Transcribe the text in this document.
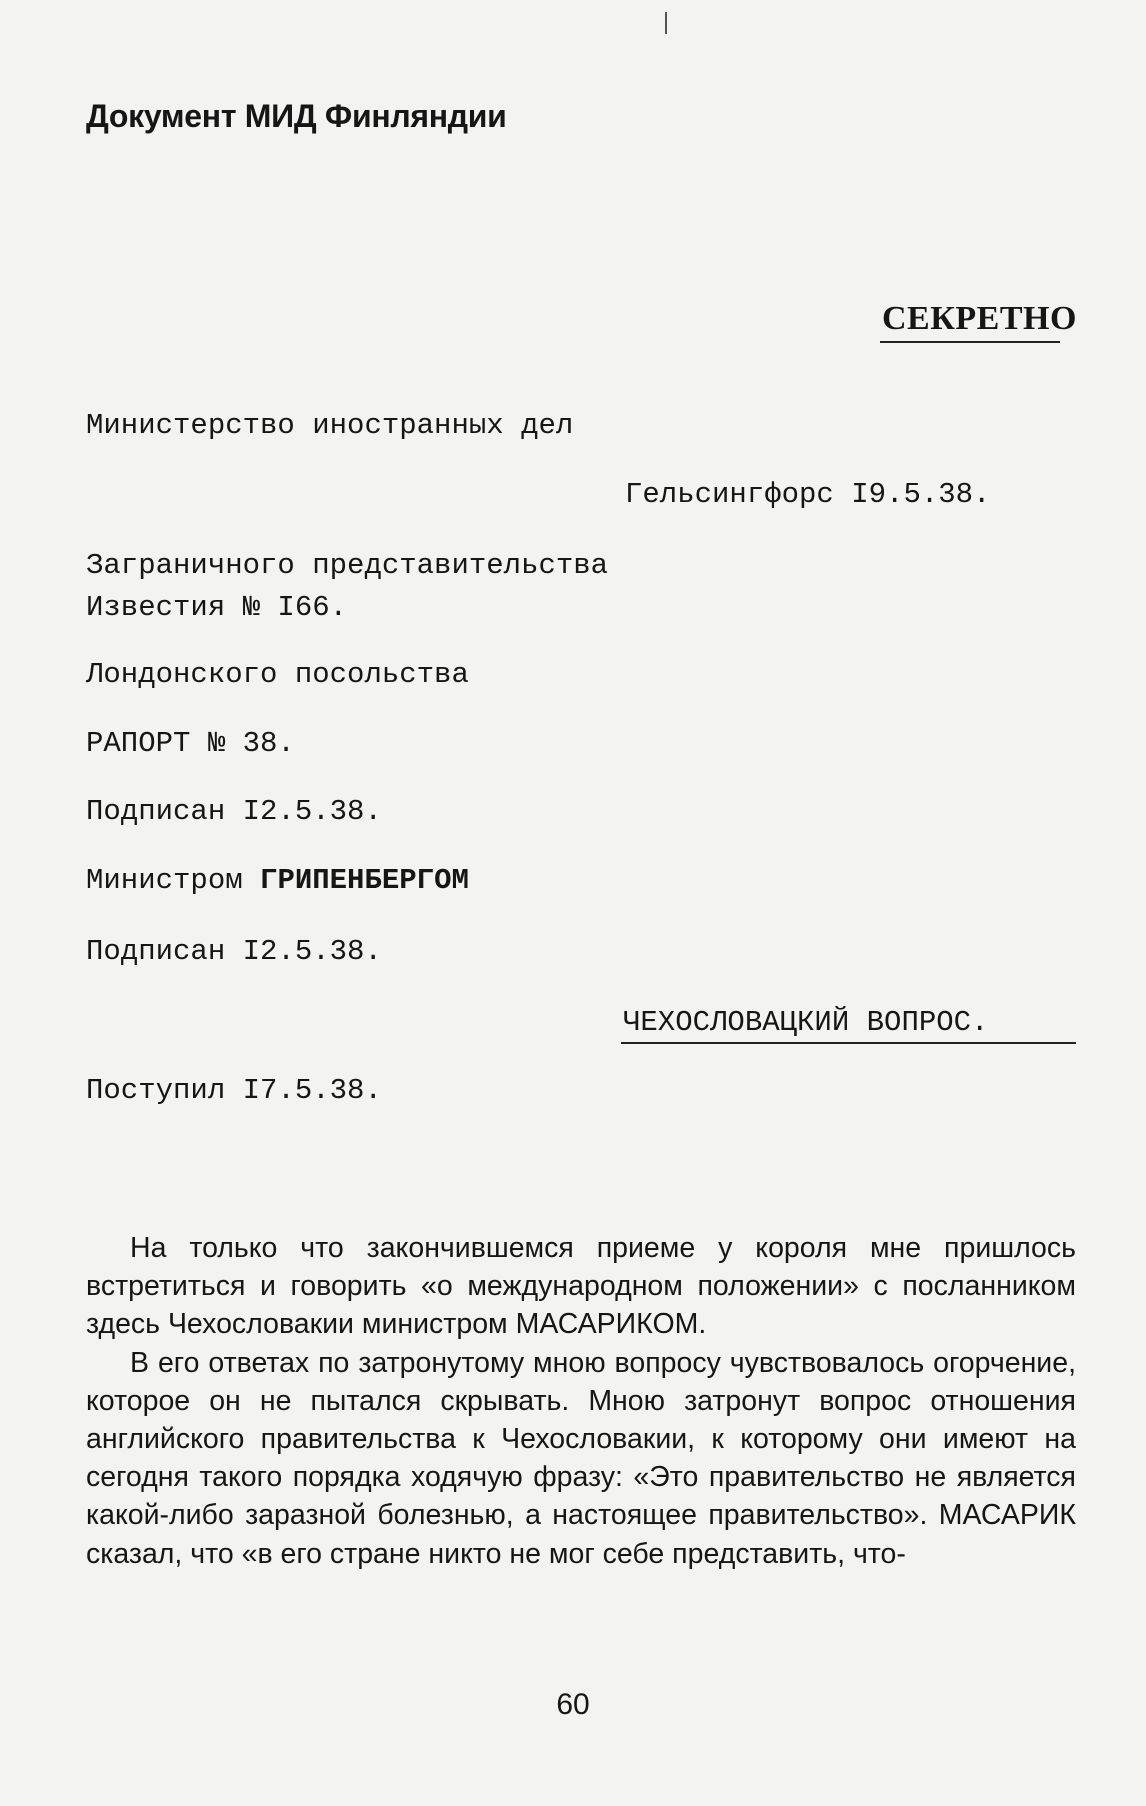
Документ МИД Финляндии
СЕКРЕТНО
Министерство иностранных дел
Гельсингфорс I9.5.38.
Заграничного представительства
Известия № I66.
Лондонского посольства
РАПОРТ № 38.
Подписан I2.5.38.
Министром ГРИПЕНБЕРГОМ
Подписан I2.5.38.
ЧЕХОСЛОВАЦКИЙ ВОПРОС.
Поступил I7.5.38.

На только что закончившемся приеме у короля мне пришлось встретиться и говорить «о международном положении» с посланником здесь Чехословакии министром МАСАРИКОМ.

В его ответах по затронутому мною вопросу чувствовалось огорчение, которое он не пытался скрывать. Мною затронут вопрос отношения английского правительства к Чехословакии, к которому они имеют на сегодня такого порядка ходячую фразу: «Это правительство не является какой-либо заразной болезнью, а настоящее правительство». МАСАРИК сказал, что «в его стране никто не мог себе представить, что-

60
